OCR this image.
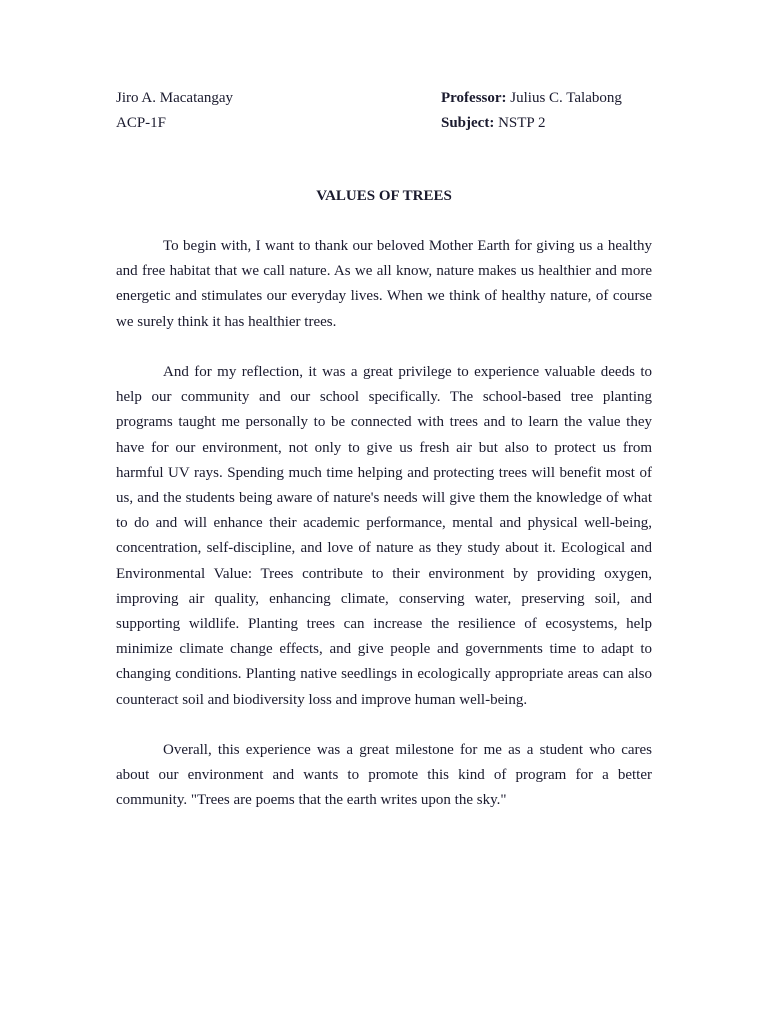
Jiro A. Macatangay
ACP-1F
Professor: Julius C. Talabong
Subject: NSTP 2
VALUES OF TREES

To begin with, I want to thank our beloved Mother Earth for giving us a healthy and free habitat that we call nature. As we all know, nature makes us healthier and more energetic and stimulates our everyday lives. When we think of healthy nature, of course we surely think it has healthier trees.

And for my reflection, it was a great privilege to experience valuable deeds to help our community and our school specifically. The school-based tree planting programs taught me personally to be connected with trees and to learn the value they have for our environment, not only to give us fresh air but also to protect us from harmful UV rays. Spending much time helping and protecting trees will benefit most of us, and the students being aware of nature's needs will give them the knowledge of what to do and will enhance their academic performance, mental and physical well-being, concentration, self-discipline, and love of nature as they study about it. Ecological and Environmental Value: Trees contribute to their environment by providing oxygen, improving air quality, enhancing climate, conserving water, preserving soil, and supporting wildlife. Planting trees can increase the resilience of ecosystems, help minimize climate change effects, and give people and governments time to adapt to changing conditions. Planting native seedlings in ecologically appropriate areas can also counteract soil and biodiversity loss and improve human well-being.

Overall, this experience was a great milestone for me as a student who cares about our environment and wants to promote this kind of program for a better community. "Trees are poems that the earth writes upon the sky."
